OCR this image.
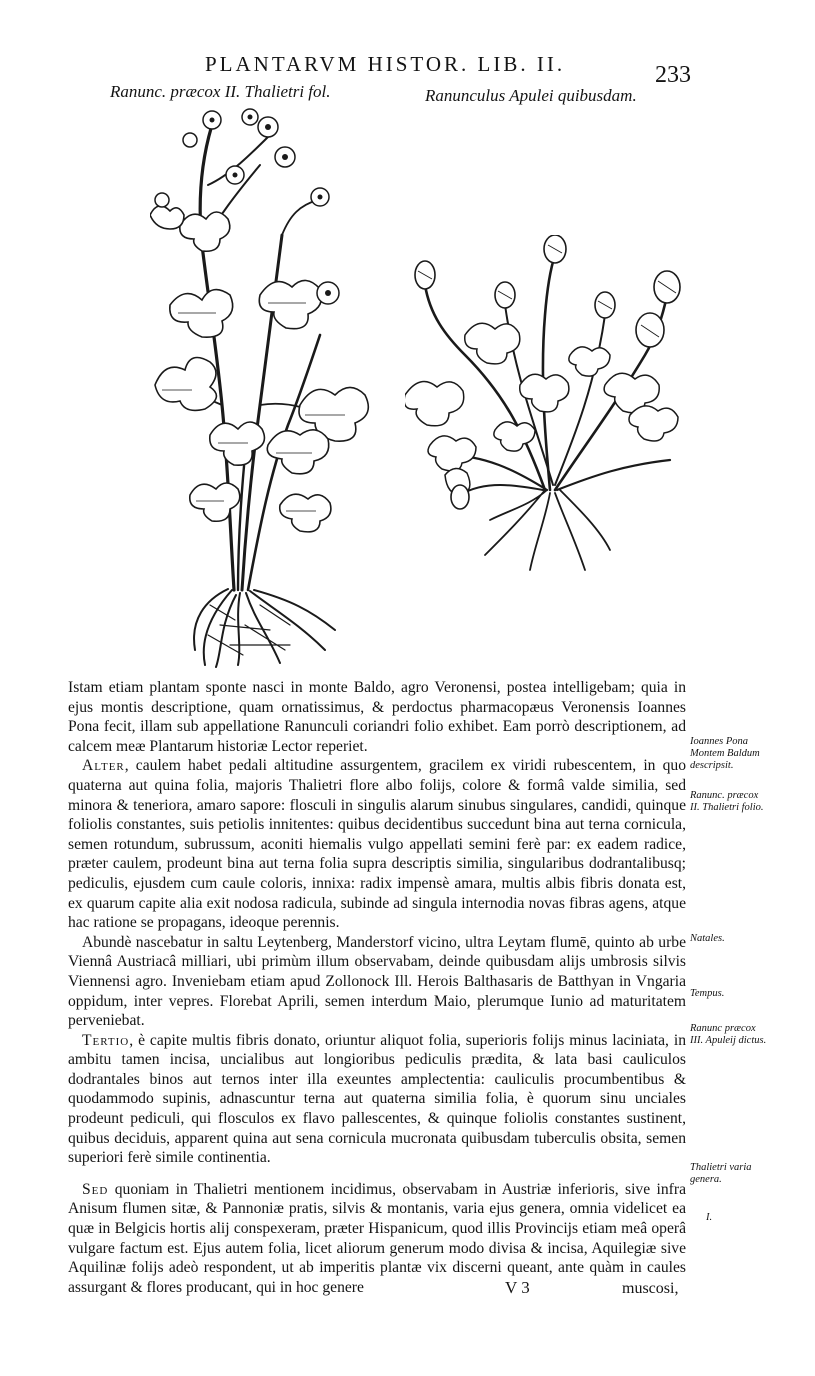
PLANTARVM HISTOR. LIB. II.	233
Ranunc. præcox II. Thalietri fol.	Ranunculus Apulei quibusdam.

Istam etiam plantam sponte nasci in monte Baldo, agro Veronensi, postea intelligebam; quia in ejus montis descriptione, quam ornatissimus, & perdoctus pharmacopæus Veronensis Ioannes Pona fecit, illam sub appellatione Ranunculi coriandri folio exhibet. Eam porrò descriptionem, ad calcem meæ Plantarum historiæ Lector reperiet.

Alter, caulem habet pedali altitudine assurgentem, gracilem ex viridi rubescentem, in quo quaterna aut quina folia, majoris Thalietri flore albo folijs, colore & formâ valde similia, sed minora & teneriora, amaro sapore: flosculi in singulis alarum sinubus singulares, candidi, quinque foliolis constantes, suis petiolis innitentes: quibus decidentibus succedunt bina aut terna cornicula, semen rotundum, subrussum, aconiti hiemalis vulgo appellati semini ferè par: ex eadem radice, præter caulem, prodeunt bina aut terna folia supra descriptis similia, singularibus dodrantalibusq; pediculis, ejusdem cum caule coloris, innixa: radix impensè amara, multis albis fibris donata est, ex quarum capite alia exit nodosa radicula, subinde ad singula internodia novas fibras agens, atque hac ratione se propagans, ideoque perennis.

Abundè nascebatur in saltu Leytenberg, Manderstorf vicino, ultra Leytam flumē, quinto ab urbe Viennâ Austriacâ milliari, ubi primùm illum observabam, deinde quibusdam alijs umbrosis silvis Viennensi agro. Inveniebam etiam apud Zollonock Ill. Herois Balthasaris de Batthyan in Vngaria oppidum, inter vepres. Florebat Aprili, semen interdum Maio, plerumque Iunio ad maturitatem perveniebat.

Tertio, è capite multis fibris donato, oriuntur aliquot folia, superioris folijs minus laciniata, in ambitu tamen incisa, uncialibus aut longioribus pediculis prædita, & lata basi cauliculos dodrantales binos aut ternos inter illa exeuntes amplectentia: cauliculis procumbentibus & quodammodo supinis, adnascuntur terna aut quaterna similia folia, è quorum sinu unciales prodeunt pediculi, qui flosculos ex flavo pallescentes, & quinque foliolis constantes sustinent, quibus deciduis, apparent quina aut sena cornicula mucronata quibusdam tuberculis obsita, semen superiori ferè simile continentia.

Sed quoniam in Thalietri mentionem incidimus, observabam in Austriæ inferioris, sive infra Anisum flumen sitæ, & Pannoniæ pratis, silvis & montanis, varia ejus genera, omnia videlicet ea quæ in Belgicis hortis alij conspexeram, præter Hispanicum, quod illis Provincijs etiam meâ operâ vulgare factum est. Ejus autem folia, licet aliorum generum modo divisa & incisa, Aquilegiæ sive Aquilinæ folijs adeò respondent, ut ab imperitis plantæ vix discerni queant, ante quàm in caules assurgant & flores producant, qui in hoc genere

Ioannes Pona Montem Baldum descripsit.
Ranunc. præcox II. Thalietri folio.
Natales.
Tempus.
Ranunc præcox III. Apuleij dictus.
Thalietri varia genera.
I.
V 3	muscosi,
